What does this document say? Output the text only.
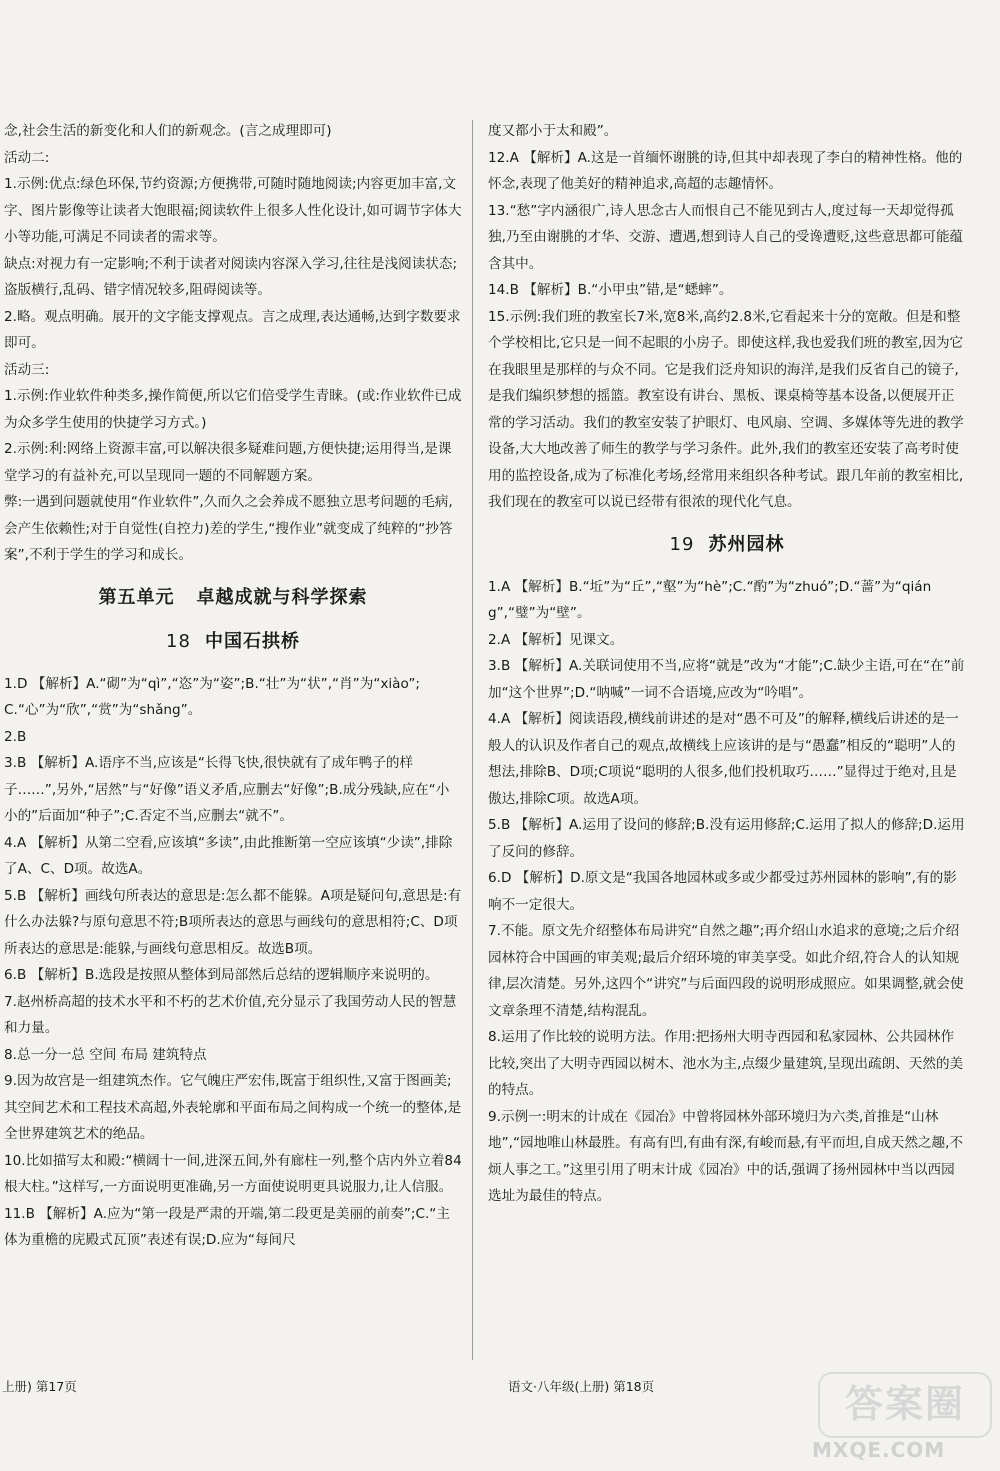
念,社会生活的新变化和人们的新观念。(言之成理即可)

活动二:

1.示例:优点:绿色环保,节约资源;方便携带,可随时随地阅读;内容更加丰富,文字、图片影像等让读者大饱眼福;阅读软件上很多人性化设计,如可调节字体大小等功能,可满足不同读者的需求等。

缺点:对视力有一定影响;不利于读者对阅读内容深入学习,往往是浅阅读状态;盗版横行,乱码、错字情况较多,阻碍阅读等。

2.略。观点明确。展开的文字能支撑观点。言之成理,表达通畅,达到字数要求即可。

活动三:

1.示例:作业软件种类多,操作简便,所以它们倍受学生青睐。(或:作业软件已成为众多学生使用的快捷学习方式。)

2.示例:利:网络上资源丰富,可以解决很多疑难问题,方便快捷;运用得当,是课堂学习的有益补充,可以呈现同一题的不同解题方案。

弊:一遇到问题就使用“作业软件”,久而久之会养成不愿独立思考问题的毛病,会产生依赖性;对于自觉性(自控力)差的学生,“搜作业”就变成了纯粹的“抄答案”,不利于学生的学习和成长。

第五单元 卓越成就与科学探索
18 中国石拱桥

1.D 【解析】A.“砌”为“qì”,“恣”为“姿”;B.“壮”为“状”,“肖”为“xiào”;C.“心”为“欣”,“赏”为“shǎng”。

2.B

3.B 【解析】A.语序不当,应该是“长得飞快,很快就有了成年鸭子的样子……”,另外,“居然”与“好像”语义矛盾,应删去“好像”;B.成分残缺,应在“小小的”后面加“种子”;C.否定不当,应删去“就不”。

4.A 【解析】从第二空看,应该填“多读”,由此推断第一空应该填“少读”,排除了A、C、D项。故选A。

5.B 【解析】画线句所表达的意思是:怎么都不能躲。A项是疑问句,意思是:有什么办法躲?与原句意思不符;B项所表达的意思与画线句的意思相符;C、D项所表达的意思是:能躲,与画线句意思相反。故选B项。

6.B 【解析】B.选段是按照从整体到局部然后总结的逻辑顺序来说明的。

7.赵州桥高超的技术水平和不朽的艺术价值,充分显示了我国劳动人民的智慧和力量。

8.总一分一总 空间 布局 建筑特点

9.因为故宫是一组建筑杰作。它气魄庄严宏伟,既富于组织性,又富于图画美;其空间艺术和工程技术高超,外表轮廓和平面布局之间构成一个统一的整体,是全世界建筑艺术的绝品。

10.比如描写太和殿:“横阔十一间,进深五间,外有廊柱一列,整个店内外立着84根大柱。”这样写,一方面说明更准确,另一方面使说明更具说服力,让人信服。

11.B 【解析】A.应为“第一段是严肃的开端,第二段更是美丽的前奏”;C.“主体为重檐的庑殿式瓦顶”表述有误;D.应为“每间尺

度又都小于太和殿”。

12.A 【解析】A.这是一首缅怀谢朓的诗,但其中却表现了李白的精神性格。他的怀念,表现了他美好的精神追求,高超的志趣情怀。

13.“愁”字内涵很广,诗人思念古人而恨自己不能见到古人,度过每一天却觉得孤独,乃至由谢朓的才华、交游、遭遇,想到诗人自己的受谗遭贬,这些意思都可能蕴含其中。

14.B 【解析】B.“小甲虫”错,是“蟋蟀”。

15.示例:我们班的教室长7米,宽8米,高约2.8米,它看起来十分的宽敞。但是和整个学校相比,它只是一间不起眼的小房子。即使这样,我也爱我们班的教室,因为它在我眼里是那样的与众不同。它是我们泛舟知识的海洋,是我们反省自己的镜子,是我们编织梦想的摇篮。教室设有讲台、黑板、课桌椅等基本设备,以便展开正常的学习活动。我们的教室安装了护眼灯、电风扇、空调、多媒体等先进的教学设备,大大地改善了师生的教学与学习条件。此外,我们的教室还安装了高考时使用的监控设备,成为了标准化考场,经常用来组织各种考试。跟几年前的教室相比,我们现在的教室可以说已经带有很浓的现代化气息。

19 苏州园林

1.A 【解析】B.“坵”为“丘”,“壑”为“hè”;C.“酌”为“zhuó”;D.“蔷”为“qiáng”,“璧”为“壁”。

2.A 【解析】见课文。

3.B 【解析】A.关联词使用不当,应将“就是”改为“才能”;C.缺少主语,可在“在”前加“这个世界”;D.“呐喊”一词不合语境,应改为“吟唱”。

4.A 【解析】阅读语段,横线前讲述的是对“愚不可及”的解释,横线后讲述的是一般人的认识及作者自己的观点,故横线上应该讲的是与“愚蠢”相反的“聪明”人的想法,排除B、D项;C项说“聪明的人很多,他们投机取巧……”显得过于绝对,且是傲达,排除C项。故选A项。

5.B 【解析】A.运用了设问的修辞;B.没有运用修辞;C.运用了拟人的修辞;D.运用了反问的修辞。

6.D 【解析】D.原文是“我国各地园林或多或少都受过苏州园林的影响”,有的影响不一定很大。

7.不能。原文先介绍整体布局讲究“自然之趣”;再介绍山水追求的意境;之后介绍园林符合中国画的审美观;最后介绍环境的审美享受。如此介绍,符合人的认知规律,层次清楚。另外,这四个“讲究”与后面四段的说明形成照应。如果调整,就会使文章条理不清楚,结构混乱。

8.运用了作比较的说明方法。作用:把扬州大明寺西园和私家园林、公共园林作比较,突出了大明寺西园以树木、池水为主,点缀少量建筑,呈现出疏朗、天然的美的特点。

9.示例一:明末的计成在《园冶》中曾将园林外部环境归为六类,首推是“山林地”,“园地唯山林最胜。有高有凹,有曲有深,有峻而悬,有平而坦,自成天然之趣,不烦人事之工。”这里引用了明末计成《园冶》中的话,强调了扬州园林中当以西园选址为最佳的特点。

上册) 第17页	语文·八年级(上册) 第18页	答案圈
MXQE.COM
